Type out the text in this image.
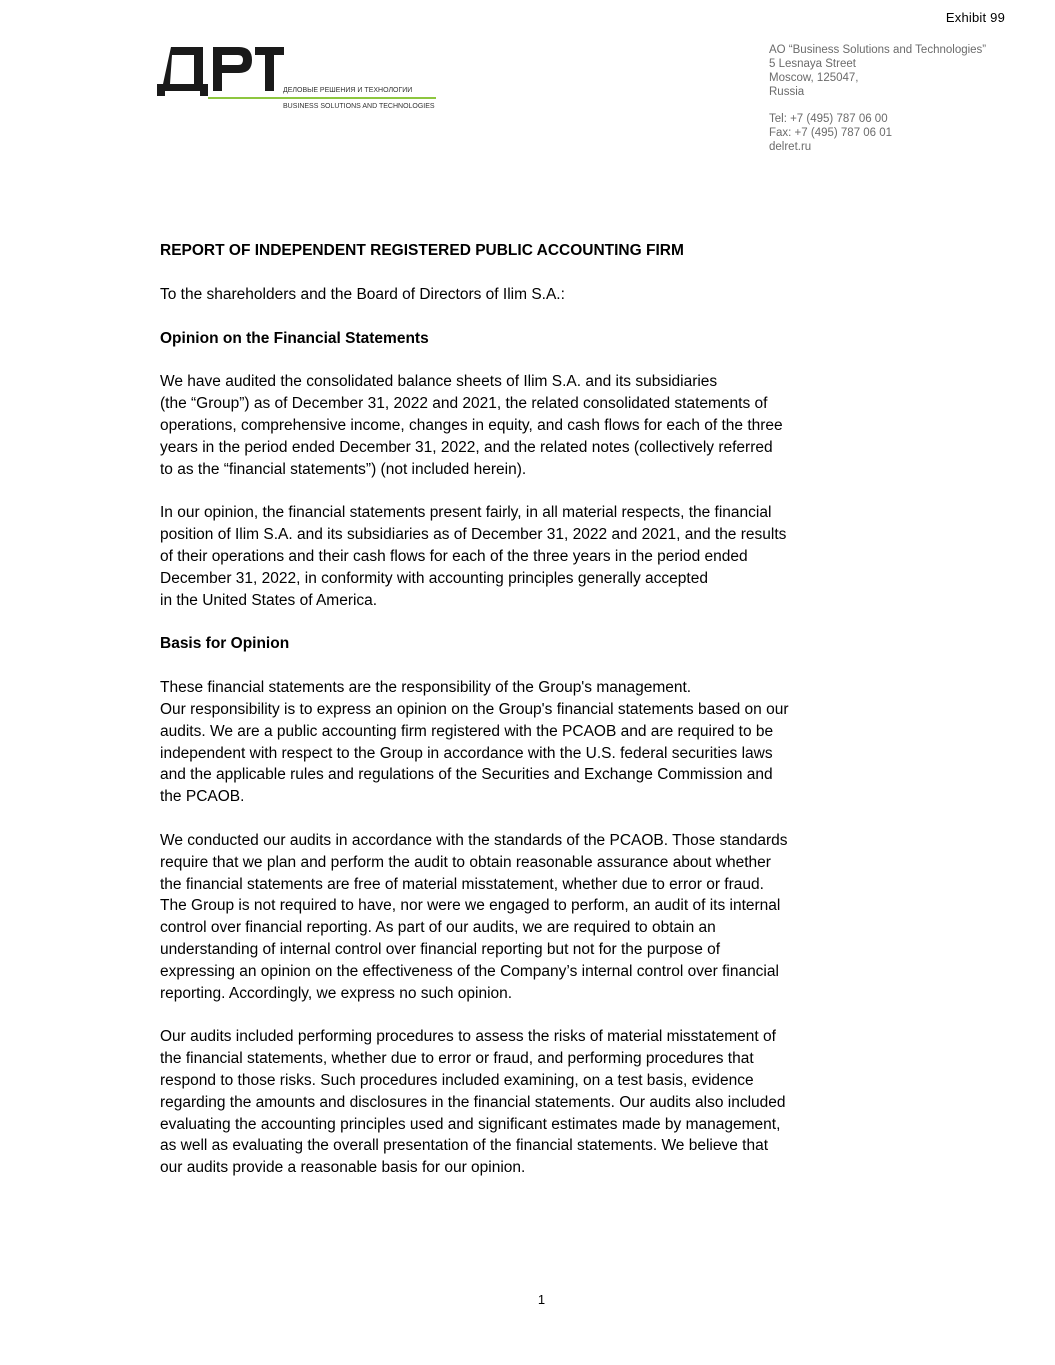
Exhibit 99
ДЕЛОВЫЕ РЕШЕНИЯ И ТЕХНОЛОГИИ
BUSINESS SOLUTIONS AND TECHNOLOGIES
AO “Business Solutions and Technologies”
5 Lesnaya Street
Moscow, 125047,
Russia
Tel: +7 (495) 787 06 00
Fax: +7 (495) 787 06 01
delret.ru

REPORT OF INDEPENDENT REGISTERED PUBLIC ACCOUNTING FIRM

To the shareholders and the Board of Directors of Ilim S.A.:

Opinion on the Financial Statements

We have audited the consolidated balance sheets of Ilim S.A. and its subsidiaries
(the “Group”) as of December 31, 2022 and 2021, the related consolidated statements of
operations, comprehensive income, changes in equity, and cash flows for each of the three
years in the period ended December 31, 2022, and the related notes (collectively referred
to as the “financial statements”) (not included herein).

In our opinion, the financial statements present fairly, in all material respects, the financial
position of Ilim S.A. and its subsidiaries as of December 31, 2022 and 2021, and the results
of their operations and their cash flows for each of the three years in the period ended
December 31, 2022, in conformity with accounting principles generally accepted
in the United States of America.

Basis for Opinion

These financial statements are the responsibility of the Group's management.
Our responsibility is to express an opinion on the Group's financial statements based on our
audits. We are a public accounting firm registered with the PCAOB and are required to be
independent with respect to the Group in accordance with the U.S. federal securities laws
and the applicable rules and regulations of the Securities and Exchange Commission and
the PCAOB.

We conducted our audits in accordance with the standards of the PCAOB. Those standards
require that we plan and perform the audit to obtain reasonable assurance about whether
the financial statements are free of material misstatement, whether due to error or fraud.
The Group is not required to have, nor were we engaged to perform, an audit of its internal
control over financial reporting. As part of our audits, we are required to obtain an
understanding of internal control over financial reporting but not for the purpose of
expressing an opinion on the effectiveness of the Company’s internal control over financial
reporting. Accordingly, we express no such opinion.

Our audits included performing procedures to assess the risks of material misstatement of
the financial statements, whether due to error or fraud, and performing procedures that
respond to those risks. Such procedures included examining, on a test basis, evidence
regarding the amounts and disclosures in the financial statements. Our audits also included
evaluating the accounting principles used and significant estimates made by management,
as well as evaluating the overall presentation of the financial statements. We believe that
our audits provide a reasonable basis for our opinion.

1
